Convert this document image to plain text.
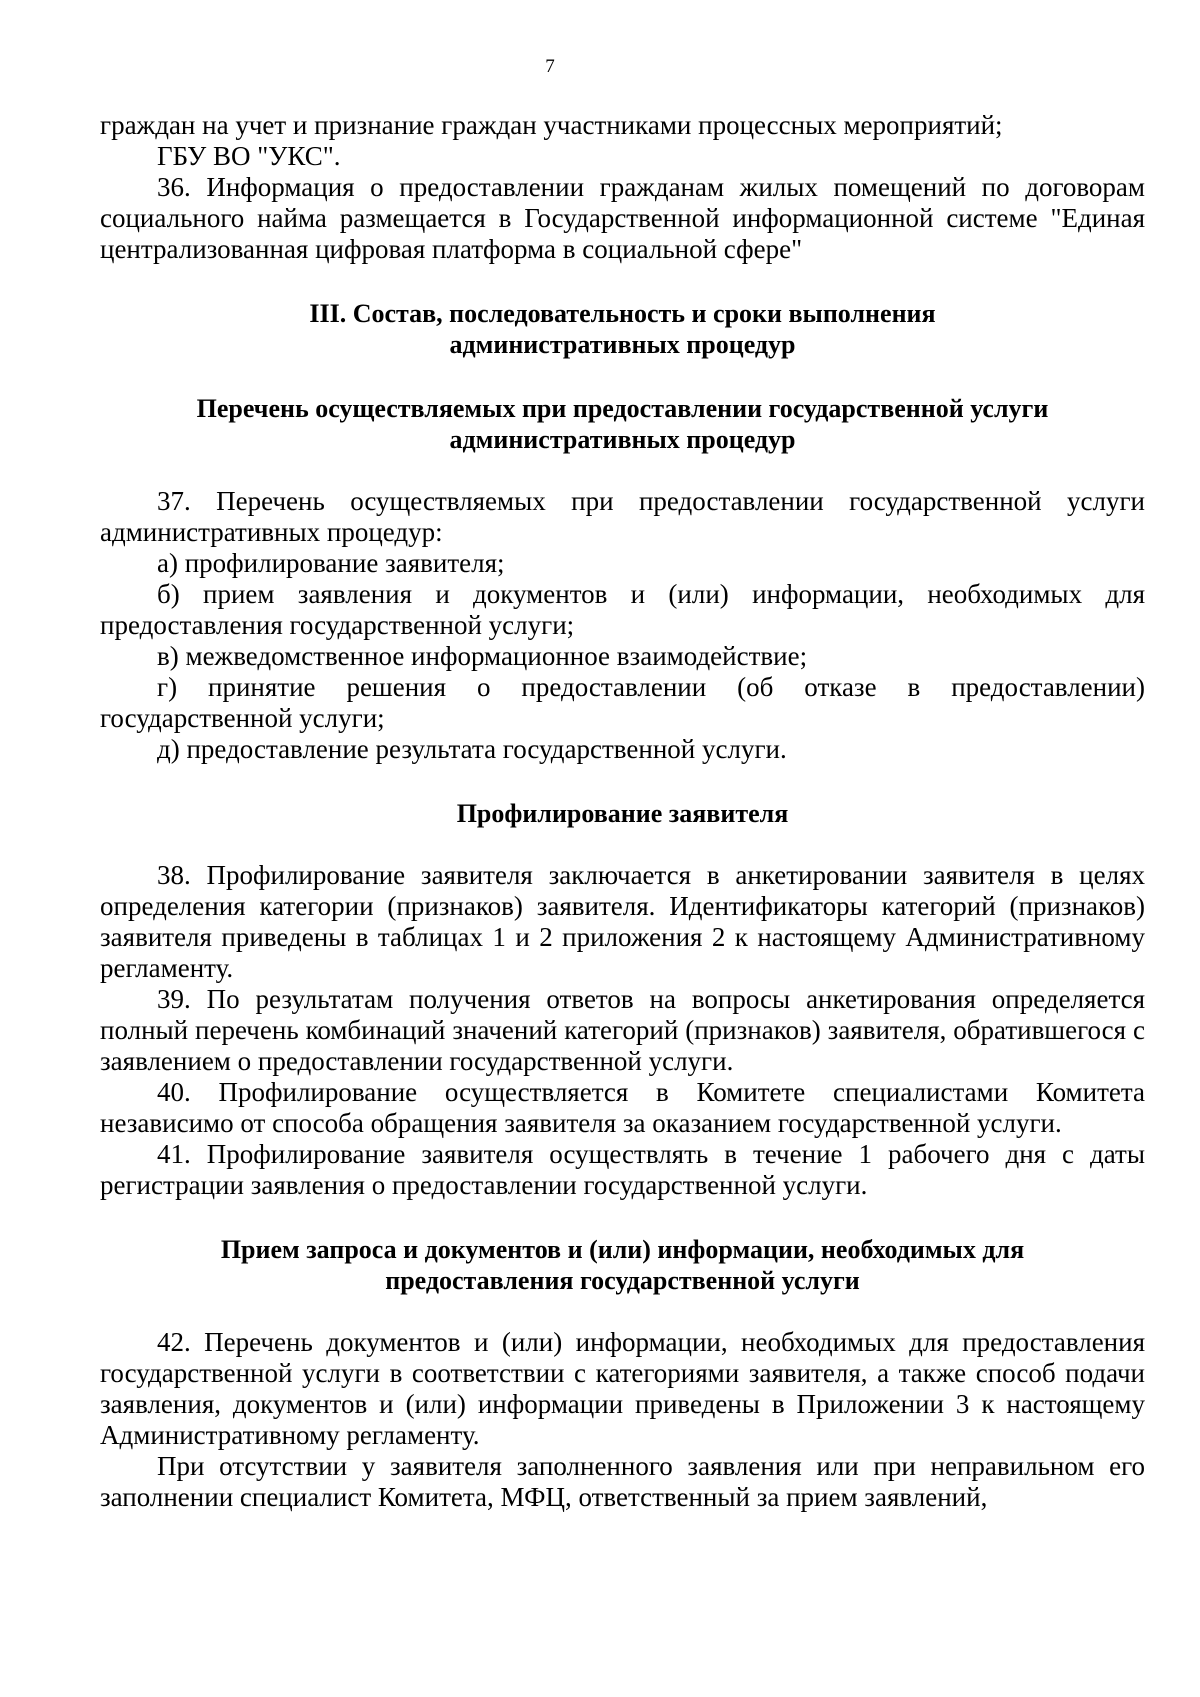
7

граждан на учет и признание граждан участниками процессных мероприятий;

ГБУ ВО "УКС".

36. Информация о предоставлении гражданам жилых помещений по договорам социального найма размещается в Государственной информационной системе "Единая централизованная цифровая платформа в социальной сфере"

III. Состав, последовательность и сроки выполнения
административных процедур
Перечень осуществляемых при предоставлении государственной услуги
административных процедур

37. Перечень осуществляемых при предоставлении государственной услуги административных процедур:

а) профилирование заявителя;

б) прием заявления и документов и (или) информации, необходимых для предоставления государственной услуги;

в) межведомственное информационное взаимодействие;

г) принятие решения о предоставлении (об отказе в предоставлении) государственной услуги;

д) предоставление результата государственной услуги.

Профилирование заявителя

38. Профилирование заявителя заключается в анкетировании заявителя в целях определения категории (признаков) заявителя. Идентификаторы категорий (признаков) заявителя приведены в таблицах 1 и 2 приложения 2 к настоящему Административному регламенту.

39. По результатам получения ответов на вопросы анкетирования определяется полный перечень комбинаций значений категорий (признаков) заявителя, обратившегося с заявлением о предоставлении государственной услуги.

40. Профилирование осуществляется в Комитете специалистами Комитета независимо от способа обращения заявителя за оказанием государственной услуги.

41. Профилирование заявителя осуществлять в течение 1 рабочего дня с даты регистрации заявления о предоставлении государственной услуги.

Прием запроса и документов и (или) информации, необходимых для
предоставления государственной услуги

42. Перечень документов и (или) информации, необходимых для предоставления государственной услуги в соответствии с категориями заявителя, а также способ подачи заявления, документов и (или) информации приведены в Приложении 3 к настоящему Административному регламенту.

При отсутствии у заявителя заполненного заявления или при неправильном его заполнении специалист Комитета, МФЦ, ответственный за прием заявлений,
